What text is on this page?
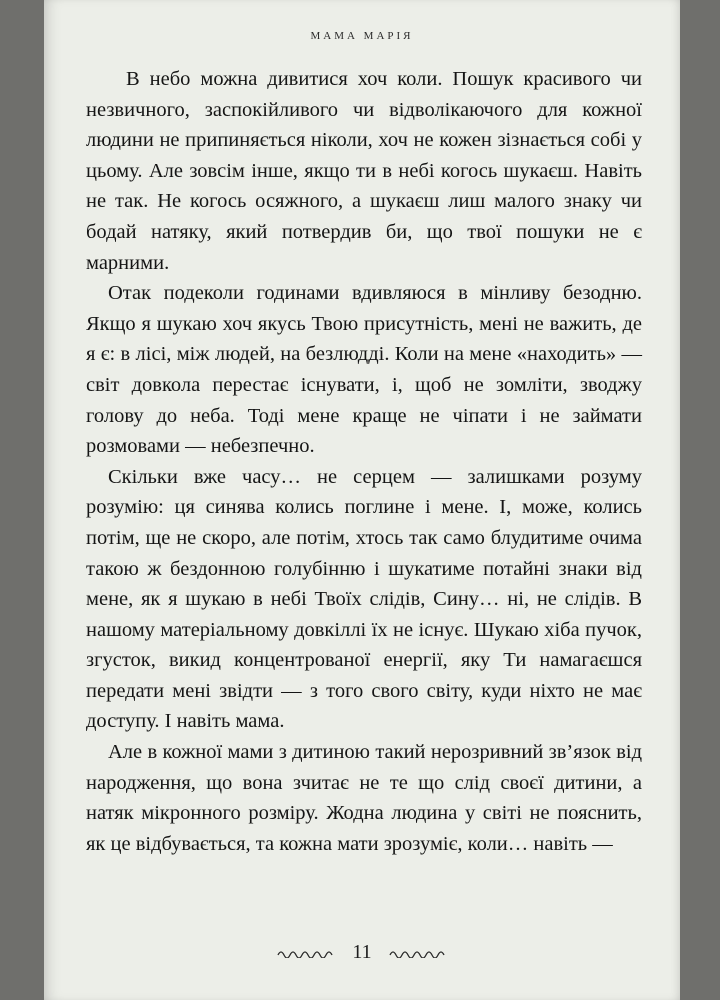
МАМА МАРІЯ

В небо можна дивитися хоч коли. Пошук красивого чи незвичного, заспокійливого чи відволікаючого для кожної людини не припиняється ніколи, хоч не кожен зізнається собі у цьому. Але зовсім інше, якщо ти в небі когось шукаєш. Навіть не так. Не когось осяжного, а шукаєш лиш малого знаку чи бодай натяку, який потвердив би, що твої пошуки не є марними.

Отак подеколи годинами вдивляюся в мінливу безодню. Якщо я шукаю хоч якусь Твою присутність, мені не важить, де я є: в лісі, між людей, на безлюдді. Коли на мене «находить» — світ довкола перестає існувати, і, щоб не зомліти, зводжу голову до неба. Тоді мене краще не чіпати і не займати розмовами — небезпечно.

Скільки вже часу… не серцем — залишками розуму розумію: ця синява колись поглине і мене. І, може, колись потім, ще не скоро, але потім, хтось так само блудитиме очима такою ж бездонною голубінню і шукатиме потайні знаки від мене, як я шукаю в небі Твоїх слідів, Сину… ні, не слідів. В нашому матеріальному довкіллі їх не існує. Шукаю хіба пучок, згусток, викид концентрованої енергії, яку Ти намагаєшся передати мені звідти — з того свого світу, куди ніхто не має доступу. І навіть мама.

Але в кожної мами з дитиною такий нерозривний зв’язок від народження, що вона зчитає не те що слід своєї дитини, а натяк мікронного розміру. Жодна людина у світі не пояснить, як це відбувається, та кожна мати зрозуміє, коли… навіть —

11
